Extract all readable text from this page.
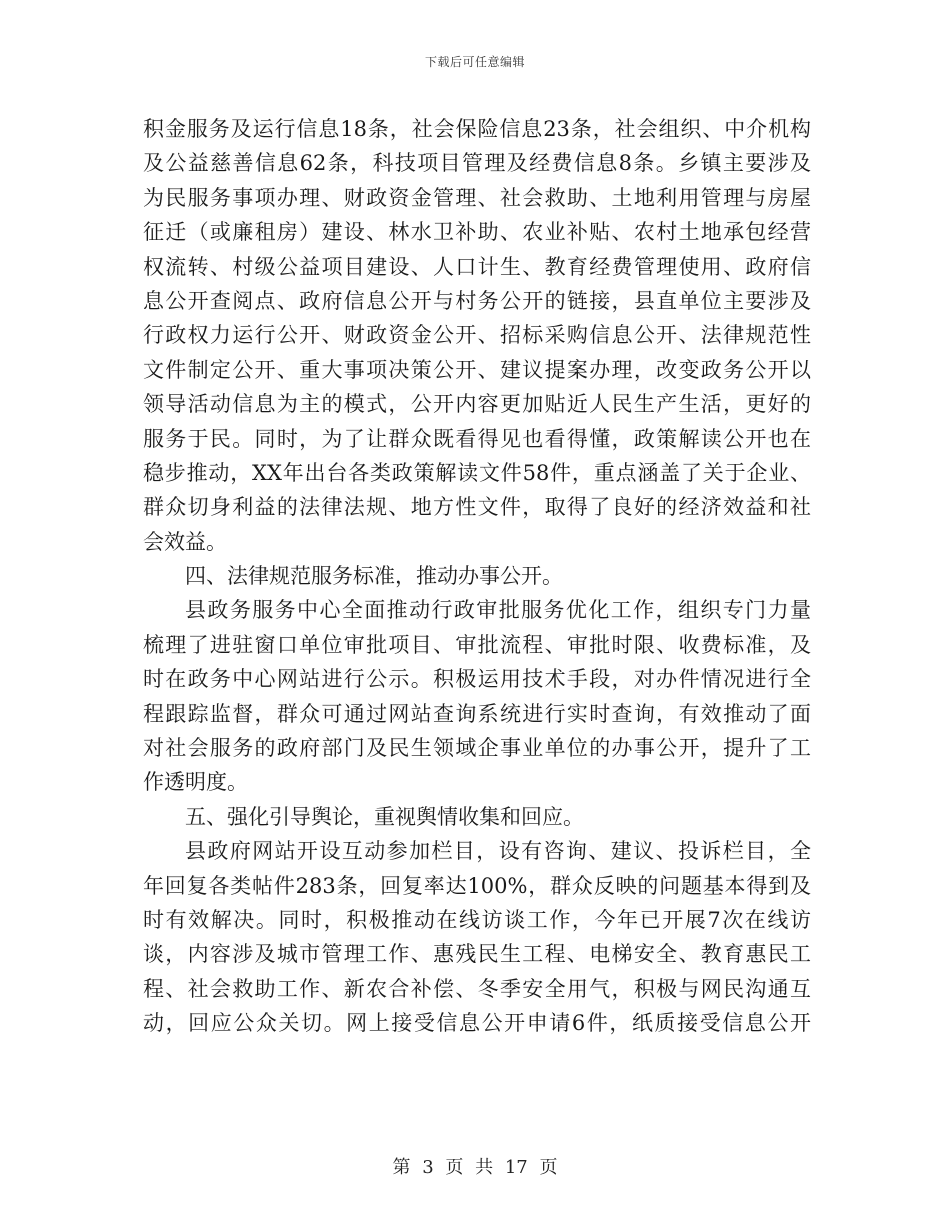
下载后可任意编辑
积金服务及运行信息18条，社会保险信息23条，社会组织、中介机构
及公益慈善信息62条，科技项目管理及经费信息8条。乡镇主要涉及
为民服务事项办理、财政资金管理、社会救助、土地利用管理与房屋
征迁（或廉租房）建设、林水卫补助、农业补贴、农村土地承包经营
权流转、村级公益项目建设、人口计生、教育经费管理使用、政府信
息公开查阅点、政府信息公开与村务公开的链接，县直单位主要涉及
行政权力运行公开、财政资金公开、招标采购信息公开、法律规范性
文件制定公开、重大事项决策公开、建议提案办理，改变政务公开以
领导活动信息为主的模式，公开内容更加贴近人民生产生活，更好的
服务于民。同时，为了让群众既看得见也看得懂，政策解读公开也在
稳步推动，XX年出台各类政策解读文件58件，重点涵盖了关于企业、
群众切身利益的法律法规、地方性文件，取得了良好的经济效益和社
会效益。
四、法律规范服务标准，推动办事公开。
县政务服务中心全面推动行政审批服务优化工作，组织专门力量
梳理了进驻窗口单位审批项目、审批流程、审批时限、收费标准，及
时在政务中心网站进行公示。积极运用技术手段，对办件情况进行全
程跟踪监督，群众可通过网站查询系统进行实时查询，有效推动了面
对社会服务的政府部门及民生领域企事业单位的办事公开，提升了工
作透明度。
五、强化引导舆论，重视舆情收集和回应。
县政府网站开设互动参加栏目，设有咨询、建议、投诉栏目，全
年回复各类帖件283条，回复率达100%，群众反映的问题基本得到及
时有效解决。同时，积极推动在线访谈工作，今年已开展7次在线访
谈，内容涉及城市管理工作、惠残民生工程、电梯安全、教育惠民工
程、社会救助工作、新农合补偿、冬季安全用气，积极与网民沟通互
动，回应公众关切。网上接受信息公开申请6件，纸质接受信息公开
第 3 页 共 17 页
